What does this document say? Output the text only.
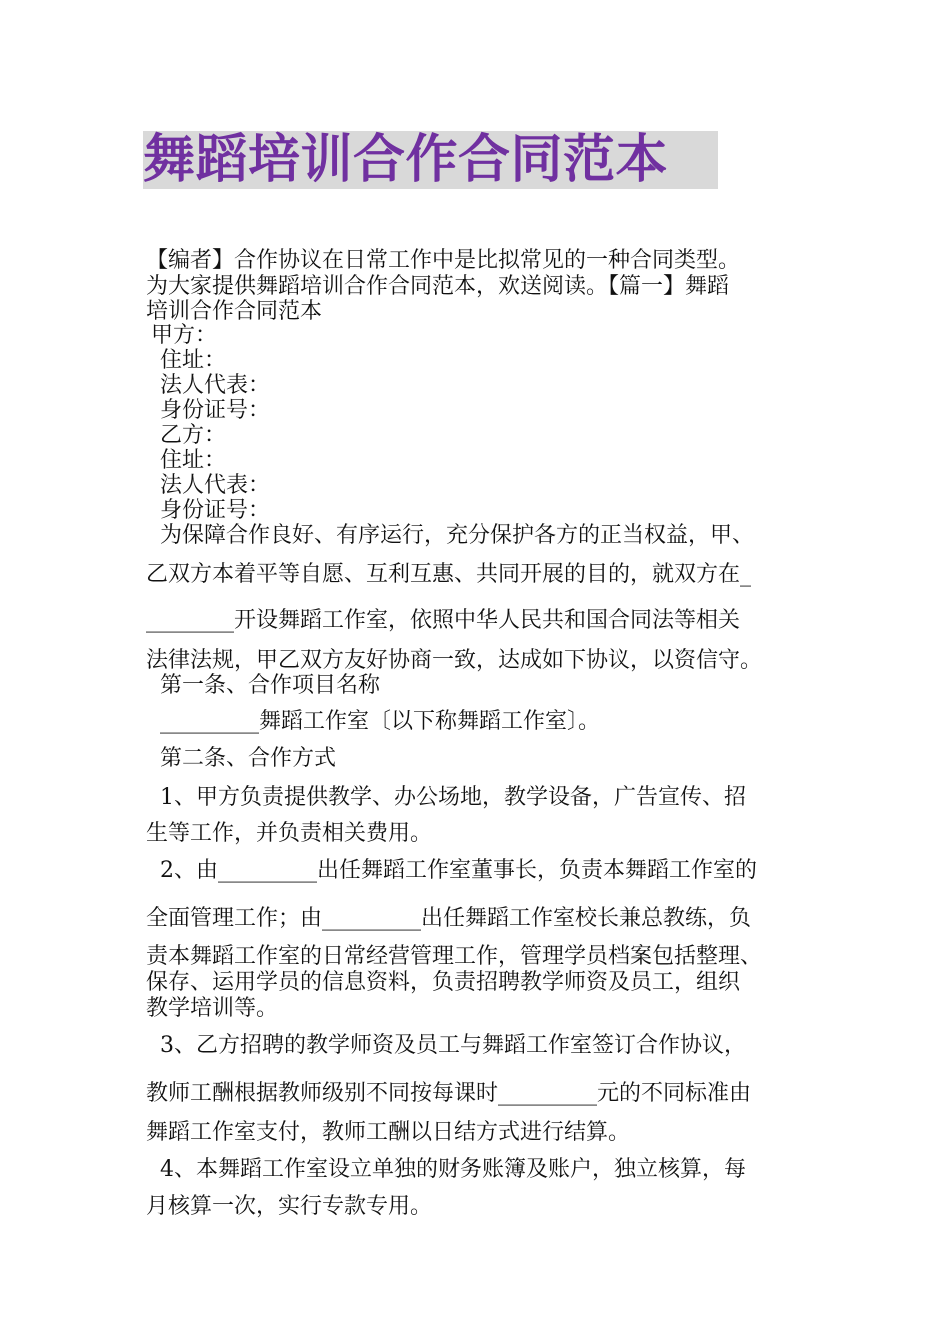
舞蹈培训合作合同范本
【编者】合作协议在日常工作中是比拟常见的一种合同类型。
为大家提供舞蹈培训合作合同范本，欢送阅读。【篇一】舞蹈
培训合作合同范本
甲方：
住址：
法人代表：
身份证号：
乙方：
住址：
法人代表：
身份证号：
为保障合作良好、有序运行，充分保护各方的正当权益，甲、
乙双方本着平等自愿、互利互惠、共同开展的目的，就双方在_
________开设舞蹈工作室，依照中华人民共和国合同法等相关
法律法规，甲乙双方友好协商一致，达成如下协议，以资信守。
第一条、合作项目名称
_________舞蹈工作室〔以下称舞蹈工作室〕。
第二条、合作方式
1、甲方负责提供教学、办公场地，教学设备，广告宣传、招
生等工作，并负责相关费用。
2、由_________出任舞蹈工作室董事长，负责本舞蹈工作室的
全面管理工作；由_________出任舞蹈工作室校长兼总教练，负
责本舞蹈工作室的日常经营管理工作，管理学员档案包括整理、
保存、运用学员的信息资料，负责招聘教学师资及员工，组织
教学培训等。
3、乙方招聘的教学师资及员工与舞蹈工作室签订合作协议，
教师工酬根据教师级别不同按每课时_________元的不同标准由
舞蹈工作室支付，教师工酬以日结方式进行结算。
4、本舞蹈工作室设立单独的财务账簿及账户，独立核算，每
月核算一次，实行专款专用。
